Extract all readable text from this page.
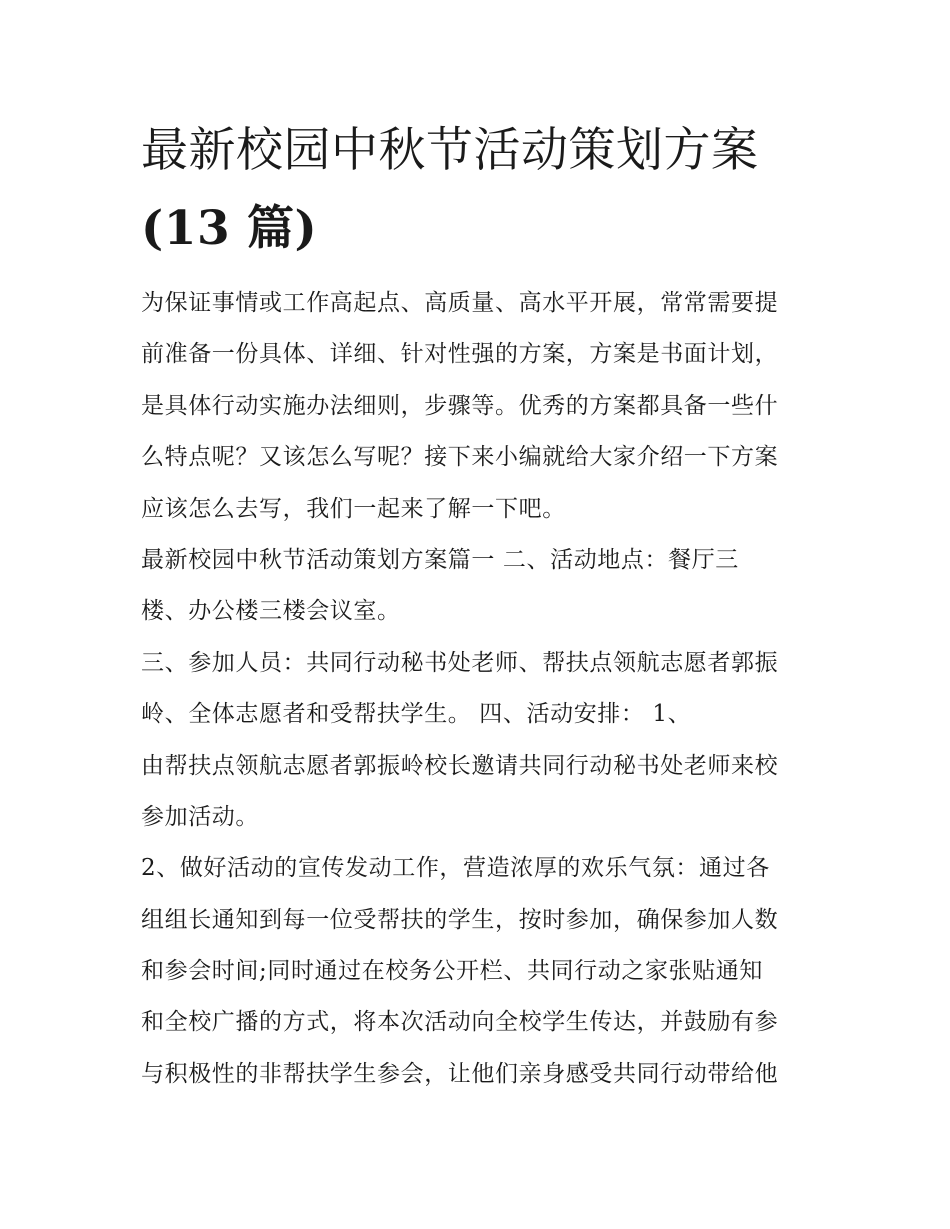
最新校园中秋节活动策划方案
(13 篇)
为保证事情或工作高起点、高质量、高水平开展，常常需要提
前准备一份具体、详细、针对性强的方案，方案是书面计划，
是具体行动实施办法细则，步骤等。优秀的方案都具备一些什
么特点呢？又该怎么写呢？接下来小编就给大家介绍一下方案
应该怎么去写，我们一起来了解一下吧。
最新校园中秋节活动策划方案篇一 二、活动地点：餐厅三
楼、办公楼三楼会议室。
三、参加人员：共同行动秘书处老师、帮扶点领航志愿者郭振
岭、全体志愿者和受帮扶学生。 四、活动安排： 1、
由帮扶点领航志愿者郭振岭校长邀请共同行动秘书处老师来校
参加活动。
2、做好活动的宣传发动工作，营造浓厚的欢乐气氛：通过各
组组长通知到每一位受帮扶的学生，按时参加，确保参加人数
和参会时间;同时通过在校务公开栏、共同行动之家张贴通知
和全校广播的方式，将本次活动向全校学生传达，并鼓励有参
与积极性的非帮扶学生参会，让他们亲身感受共同行动带给他
